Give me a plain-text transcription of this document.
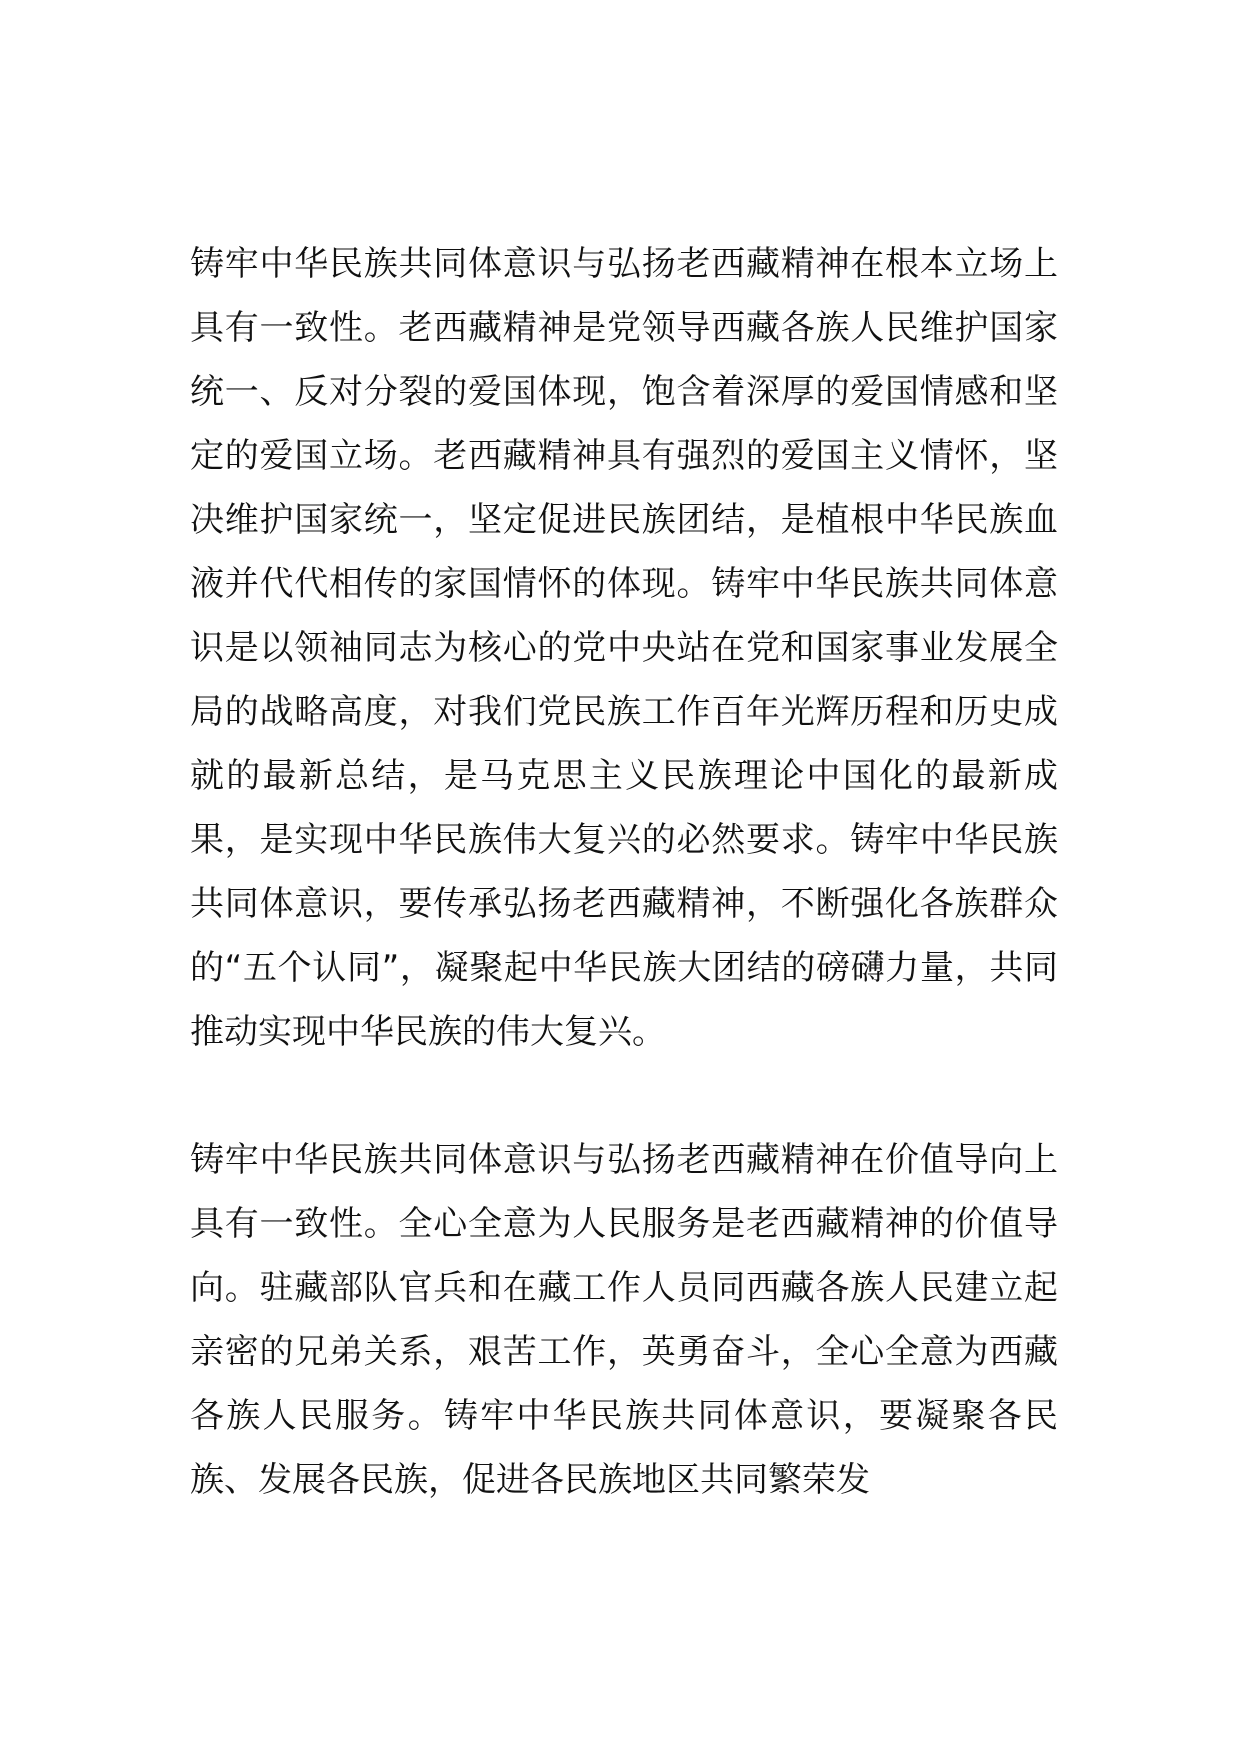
铸牢中华民族共同体意识与弘扬老西藏精神在根本立场上具有一致性。老西藏精神是党领导西藏各族人民维护国家统一、反对分裂的爱国体现，饱含着深厚的爱国情感和坚定的爱国立场。老西藏精神具有强烈的爱国主义情怀，坚决维护国家统一，坚定促进民族团结，是植根中华民族血液并代代相传的家国情怀的体现。铸牢中华民族共同体意识是以领袖同志为核心的党中央站在党和国家事业发展全局的战略高度，对我们党民族工作百年光辉历程和历史成就的最新总结，是马克思主义民族理论中国化的最新成果，是实现中华民族伟大复兴的必然要求。铸牢中华民族共同体意识，要传承弘扬老西藏精神，不断强化各族群众的“五个认同”，凝聚起中华民族大团结的磅礴力量，共同推动实现中华民族的伟大复兴。

铸牢中华民族共同体意识与弘扬老西藏精神在价值导向上具有一致性。全心全意为人民服务是老西藏精神的价值导向。驻藏部队官兵和在藏工作人员同西藏各族人民建立起亲密的兄弟关系，艰苦工作，英勇奋斗，全心全意为西藏各族人民服务。铸牢中华民族共同体意识，要凝聚各民族、发展各民族，促进各民族地区共同繁荣发
